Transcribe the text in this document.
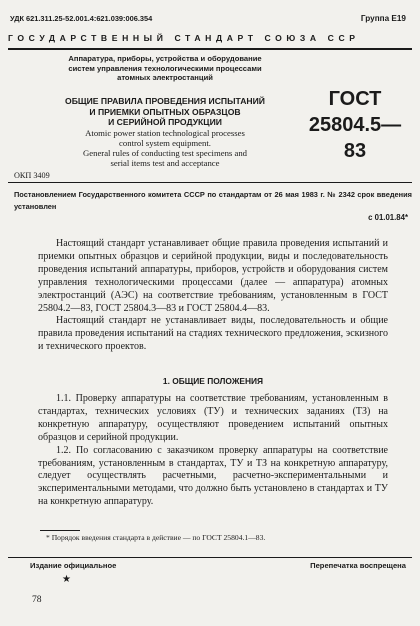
УДК 621.311.25-52.001.4:621.039:006.354	Группа Е19
ГОСУДАРСТВЕННЫЙ СТАНДАРТ СОЮЗА ССР
Аппаратура, приборы, устройства и оборудование
систем управления технологическими процессами
атомных электростанций
ОБЩИЕ ПРАВИЛА ПРОВЕДЕНИЯ ИСПЫТАНИЙ
И ПРИЕМКИ ОПЫТНЫХ ОБРАЗЦОВ
И СЕРИЙНОЙ ПРОДУКЦИИ
Atomic power station technological processes
control system equipment.
General rules of conducting test specimens and
serial items test and acceptance
ГОСТ
25804.5—83
ОКП 3409
Постановлением Государственного комитета СССР по стандартам от 26 мая 1983 г. № 2342 срок введения установлен
с 01.01.84*

Настоящий стандарт устанавливает общие правила проведения испытаний и приемки опытных образцов и серийной продукции, виды и последовательность проведения испытаний аппаратуры, приборов, устройств и оборудования систем управления технологическими процессами (далее — аппаратура) атомных электростанций (АЭС) на соответствие требованиям, установленным в ГОСТ 25804.2—83, ГОСТ 25804.3—83 и ГОСТ 25804.4—83.

Настоящий стандарт не устанавливает виды, последовательность и общие правила проведения испытаний на стадиях технического предложения, эскизного и технического проектов.

1. ОБЩИЕ ПОЛОЖЕНИЯ

1.1. Проверку аппаратуры на соответствие требованиям, установленным в стандартах, технических условиях (ТУ) и технических заданиях (ТЗ) на конкретную аппаратуру, осуществляют проведением испытаний опытных образцов и серийной продукции.

1.2. По согласованию с заказчиком проверку аппаратуры на соответствие требованиям, установленным в стандартах, ТУ и ТЗ на конкретную аппаратуру, следует осуществлять расчетными, расчетно-экспериментальными и экспериментальными методами, что должно быть установлено в стандартах и ТУ на конкретную аппаратуру.

* Порядок введения стандарта в действие — по ГОСТ 25804.1—83.
Издание официальное	Перепечатка воспрещена
★
78
